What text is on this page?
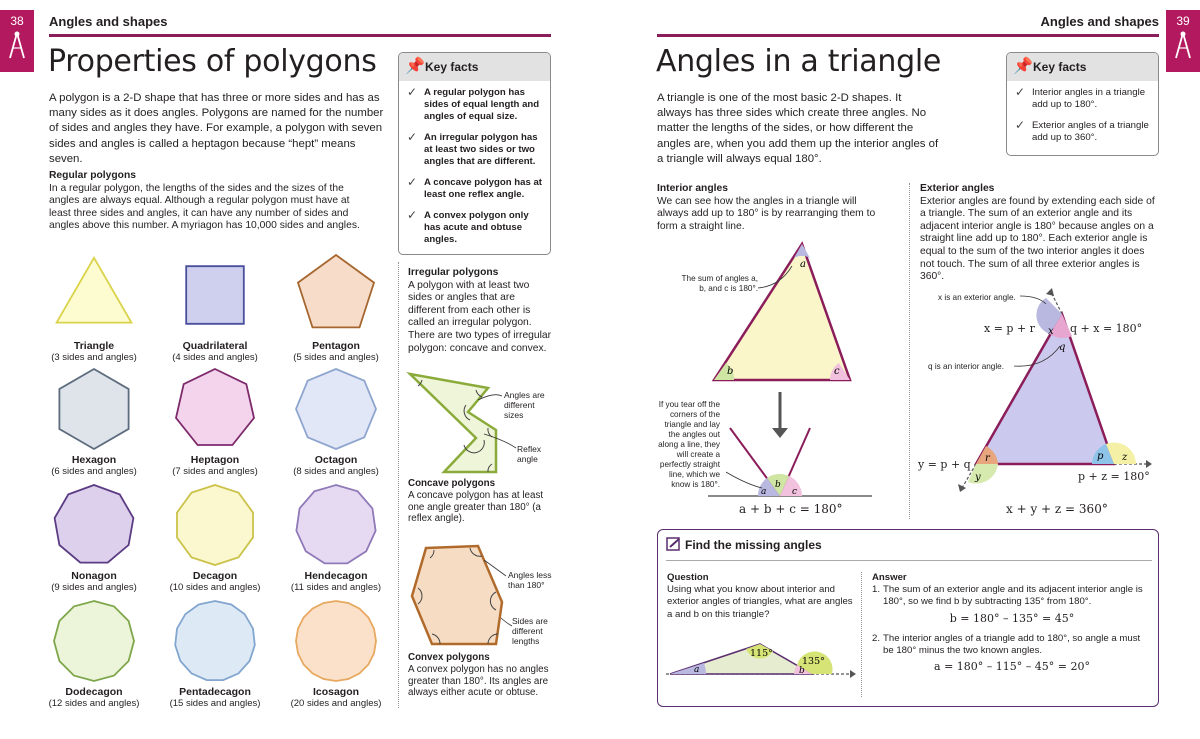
38	Angles and shapes
Properties of polygons

A polygon is a 2-D shape that has three or more sides and has as many sides as it does angles. Polygons are named for the number of sides and angles they have. For example, a polygon with seven sides and angles is called a heptagon because “hept” means seven.

Regular polygons
In a regular polygon, the lengths of the sides and the sizes of the angles are always equal. Although a regular polygon must have at least three sides and angles, it can have any number of sides and angles above this number. A myriagon has 10,000 sides and angles.
📌 Key facts
✓ A regular polygon has sides of equal length and angles of equal size.
✓ An irregular polygon has at least two sides or two angles that are different.
✓ A concave polygon has at least one reflex angle.
✓ A convex polygon only has acute and obtuse angles.
Triangle
(3 sides and angles)
Quadrilateral
(4 sides and angles)
Pentagon
(5 sides and angles)
Hexagon
(6 sides and angles)
Heptagon
(7 sides and angles)
Octagon
(8 sides and angles)
Nonagon
(9 sides and angles)
Decagon
(10 sides and angles)
Hendecagon
(11 sides and angles)
Dodecagon
(12 sides and angles)
Pentadecagon
(15 sides and angles)
Icosagon
(20 sides and angles)
Irregular polygons
A polygon with at least two sides or angles that are different from each other is called an irregular polygon. There are two types of irregular polygon: concave and convex.
Angles are different sizes
Reflex angle
Concave polygons
A concave polygon has at least one angle greater than 180° (a reflex angle).
Angles less than 180°
Sides are different lengths
Convex polygons
A convex polygon has no angles greater than 180°. Its angles are always either acute or obtuse.
39
Angles and shapes
Angles in a triangle

A triangle is one of the most basic 2-D shapes. It always has three sides which create three angles. No matter the lengths of the sides, or how different the angles are, when you add them up the interior angles of a triangle will always equal 180°.

📌 Key facts
✓ Interior angles in a triangle add up to 180°.
✓ Exterior angles of a triangle add up to 360°.
Interior angles
We can see how the angles in a triangle will always add up to 180° is by rearranging them to form a straight line.
a
b	c
a
b
c
The sum of angles a, b, and c is 180°.
If you tear off the corners of the triangle and lay the angles out along a line, they will create a perfectly straight line, which we know is 180°.
a + b + c = 180°
Exterior angles
Exterior angles are found by extending each side of a triangle. The sum of an exterior angle and its adjacent interior angle is 180° because angles on a straight line add up to 180°. Each exterior angle is equal to the sum of the two interior angles it does not touch. The sum of all three exterior angles is 360°.
x
q
r
y
p z
x is an exterior angle.
q is an interior angle.
x = p + r	q + x = 180°
y = p + q
p + z = 180°
x + y + z = 360°
Find the missing angles
Question
Using what you know about interior and exterior angles of triangles, what are angles a and b on this triangle?
a	b
115°
135°
Answer
1. The sum of an exterior angle and its adjacent interior angle is 180°, so we find b by subtracting 135° from 180°.
b = 180° – 135° = 45°
2. The interior angles of a triangle add to 180°, so angle a must be 180° minus the two known angles.
a = 180° – 115° – 45° = 20°
